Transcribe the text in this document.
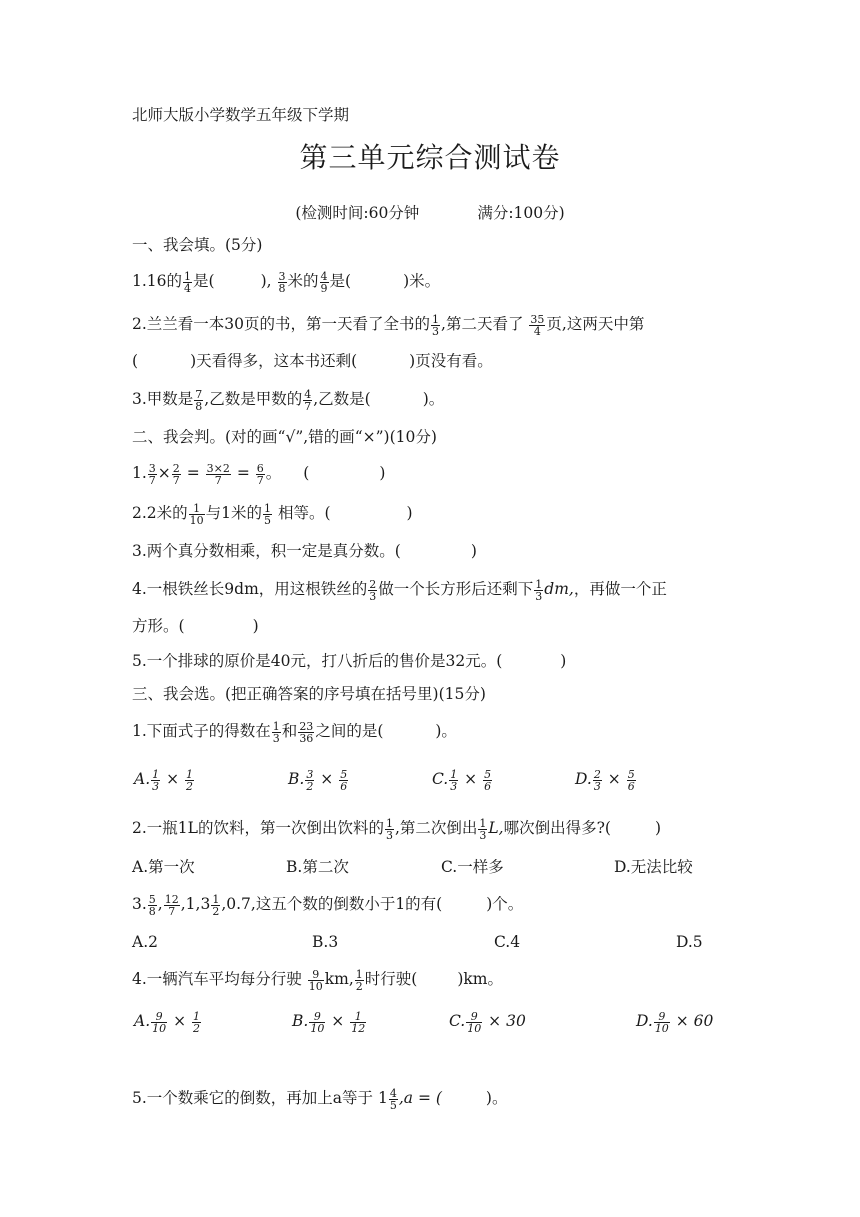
北师大版小学数学五年级下学期
第三单元综合测试卷
(检测时间:60分钟	满分:100分)
一、我会填。(5分)
1.16的 $\frac{1}{4}$ 是(	), $\frac{3}{8}$ 米的 $\frac{4}{9}$ 是(	)米。
2.兰兰看一本30页的书，第一天看了全书的 $\frac{1}{3}$ ,第二天看了 $\frac{35}{4}$ 页,这两天中第
(	)天看得多，这本书还剩(	)页没有看。
3.甲数是 $\frac{7}{8}$ ,乙数是甲数的 $\frac{4}{7}$ ,乙数是(	)。
二、我会判。(对的画“√”,错的画“×”)(10分)
1. $\frac{3}{7} \times \frac{2}{7} = \frac{3\times 2}{7} = \frac{6}{7}$ 。 (	)
2.2米的 $\frac{1}{10}$ 与1米的 $\frac{1}{5}$ 相等。(	)
3.两个真分数相乘，积一定是真分数。(	)
4.一根铁丝长9dm，用这根铁丝的 $\frac{2}{3}$ 做一个长方形后还剩下 $\frac{1}{3}$ dm,，再做一个正
方形。(	)
5.一个排球的原价是40元，打八折后的售价是32元。(	)
三、我会选。(把正确答案的序号填在括号里)(15分)
1.下面式子的得数在 $\frac{1}{3}$ 和 $\frac{23}{36}$ 之间的是(	)。
A. $\frac{1}{3} \times \frac{1}{2}$	B. $\frac{3}{2} \times \frac{5}{6}$	C. $\frac{1}{3} \times \frac{5}{6}$	D. $\frac{2}{3} \times \frac{5}{6}$
2.一瓶1L的饮料，第一次倒出饮料的 $\frac{1}{3}$ ,第二次倒出 $\frac{1}{3} L$,哪次倒出得多?(	)
A.第一次	B.第二次	C.一样多	D.无法比较
3. $\frac{5}{8}$ , $\frac{12}{7} ,1,3 \frac{1}{2} ,0.7$,这五个数的倒数小于1的有(	)个。
A.2	B.3	C.4	D.5
4.一辆汽车平均每分行驶 $\frac{9}{10}$ km, $\frac{1}{2}$ 时行驶(	)km。
A. $\frac{9}{10} \times \frac{1}{2}$	B. $\frac{9}{10} \times \frac{1}{12}$	C. $\frac{9}{10} \times 30$	D. $\frac{9}{10} \times 60$
5.一个数乘它的倒数，再加上a等于 $1 \frac{4}{5} ,a$ = (	)。
